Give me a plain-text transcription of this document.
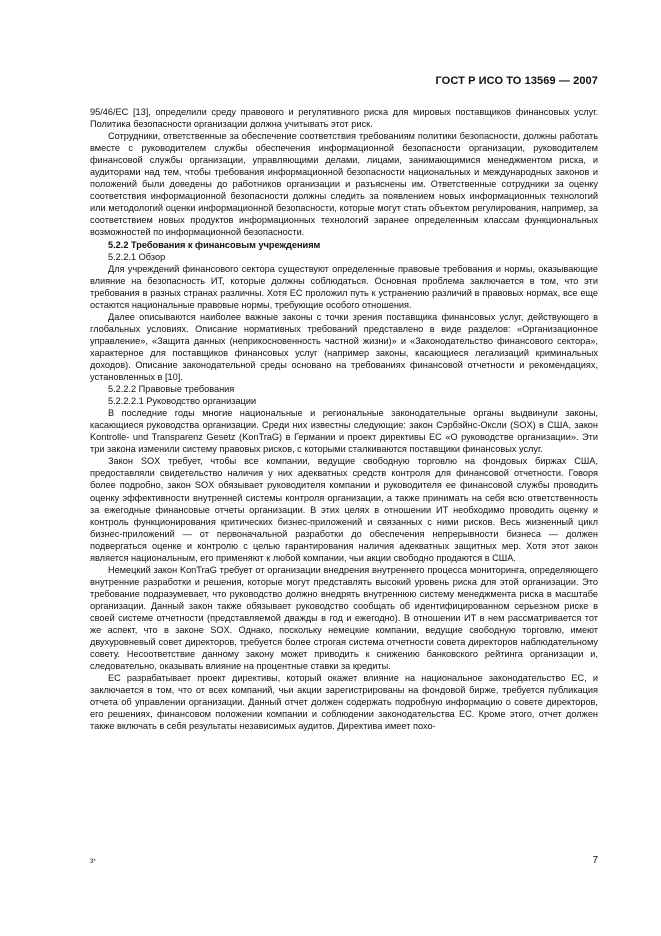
ГОСТ Р ИСО ТО 13569 — 2007

95/46/EC [13], определили среду правового и регулятивного риска для мировых поставщиков финансовых услуг. Политика безопасности организации должна учитывать этот риск.

Сотрудники, ответственные за обеспечение соответствия требованиям политики безопасности, должны работать вместе с руководителем службы обеспечения информационной безопасности организации, руководителем финансовой службы организации, управляющими делами, лицами, занимающимися менеджментом риска, и аудиторами над тем, чтобы требования информационной безопасности национальных и международных законов и положений были доведены до работников организации и разъяснены им. Ответственные сотрудники за оценку соответствия информационной безопасности должны следить за появлением новых информационных технологий или методологий оценки информационной безопасности, которые могут стать объектом регулирования, например, за соответствием новых продуктов информационных технологий заранее определенным классам функциональных возможностей по информационной безопасности.

5.2.2 Требования к финансовым учреждениям

5.2.2.1 Обзор

Для учреждений финансового сектора существуют определенные правовые требования и нормы, оказывающие влияние на безопасность ИТ, которые должны соблюдаться. Основная проблема заключается в том, что эти требования в разных странах различны. Хотя ЕС проложил путь к устранению различий в правовых нормах, все еще остаются национальные правовые нормы, требующие особого отношения.

Далее описываются наиболее важные законы с точки зрения поставщика финансовых услуг, действующего в глобальных условиях. Описание нормативных требований представлено в виде разделов: «Организационное управление», «Защита данных (неприкосновенность частной жизни)» и «Законодательство финансового сектора», характерное для поставщиков финансовых услуг (например законы, касающиеся легализаций криминальных доходов). Описание законодательной среды основано на требованиях финансовой отчетности и рекомендациях, установленных в [10].

5.2.2.2 Правовые требования

5.2.2.2.1 Руководство организации

В последние годы многие национальные и региональные законодательные органы выдвинули законы, касающиеся руководства организации. Среди них известны следующие: закон Сэрбэйнс-Оксли (SOX) в США, закон Kontrolle- und Transparenz Gesetz (KonTraG) в Германии и проект директивы ЕС «О руководстве организации». Эти три закона изменили систему правовых рисков, с которыми сталкиваются поставщики финансовых услуг.

Закон SOX требует, чтобы все компании, ведущие свободную торговлю на фондовых биржах США, предоставляли свидетельство наличия у них адекватных средств контроля для финансовой отчетности. Говоря более подробно, закон SOX обязывает руководителя компании и руководителя ее финансовой службы проводить оценку эффективности внутренней системы контроля организации, а также принимать на себя всю ответственность за ежегодные финансовые отчеты организации. В этих целях в отношении ИТ необходимо проводить оценку и контроль функционирования критических бизнес-приложений и связанных с ними рисков. Весь жизненный цикл бизнес-приложений — от первоначальной разработки до обеспечения непрерывности бизнеса — должен подвергаться оценке и контролю с целью гарантирования наличия адекватных защитных мер. Хотя этот закон является национальным, его применяют к любой компании, чьи акции свободно продаются в США.

Немецкий закон KonTraG требует от организации внедрения внутреннего процесса мониторинга, определяющего внутренние разработки и решения, которые могут представлять высокий уровень риска для этой организации. Это требование подразумевает, что руководство должно внедрять внутреннюю систему менеджмента риска в масштабе организации. Данный закон также обязывает руководство сообщать об идентифицированном серьезном риске в своей системе отчетности (представляемой дважды в год и ежегодно). В отношении ИТ в нем рассматривается тот же аспект, что в законе SOX. Однако, поскольку немецкие компании, ведущие свободную торговлю, имеют двухуровневый совет директоров, требуется более строгая система отчетности совета директоров наблюдательному совету. Несоответствие данному закону может приводить к снижению банковского рейтинга организации и, следовательно, оказывать влияние на процентные ставки за кредиты.

ЕС разрабатывает проект директивы, который окажет влияние на национальное законодательство ЕС, и заключается в том, что от всех компаний, чьи акции зарегистрированы на фондовой бирже, требуется публикация отчета об управлении организации. Данный отчет должен содержать подробную информацию о совете директоров, его решениях, финансовом положении компании и соблюдении законодательства ЕС. Кроме этого, отчет должен также включать в себя результаты независимых аудитов. Директива имеет похо-

3*	7
